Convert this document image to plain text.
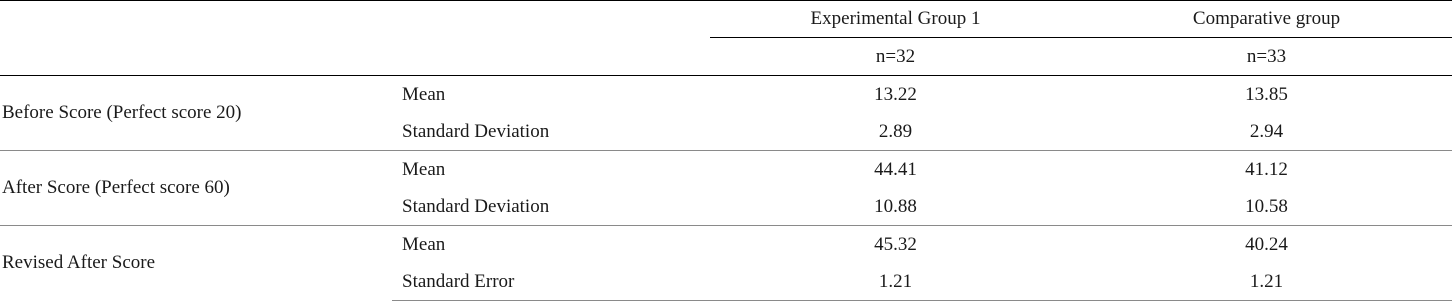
		Experimental Group 1	Comparative group
		n=32	n=33
Before Score (Perfect score 20)	Mean	13.22	13.85
	Standard Deviation	2.89	2.94
After Score (Perfect score 60)	Mean	44.41	41.12
	Standard Deviation	10.88	10.58
Revised After Score	Mean	45.32	40.24
	Standard Error	1.21	1.21
